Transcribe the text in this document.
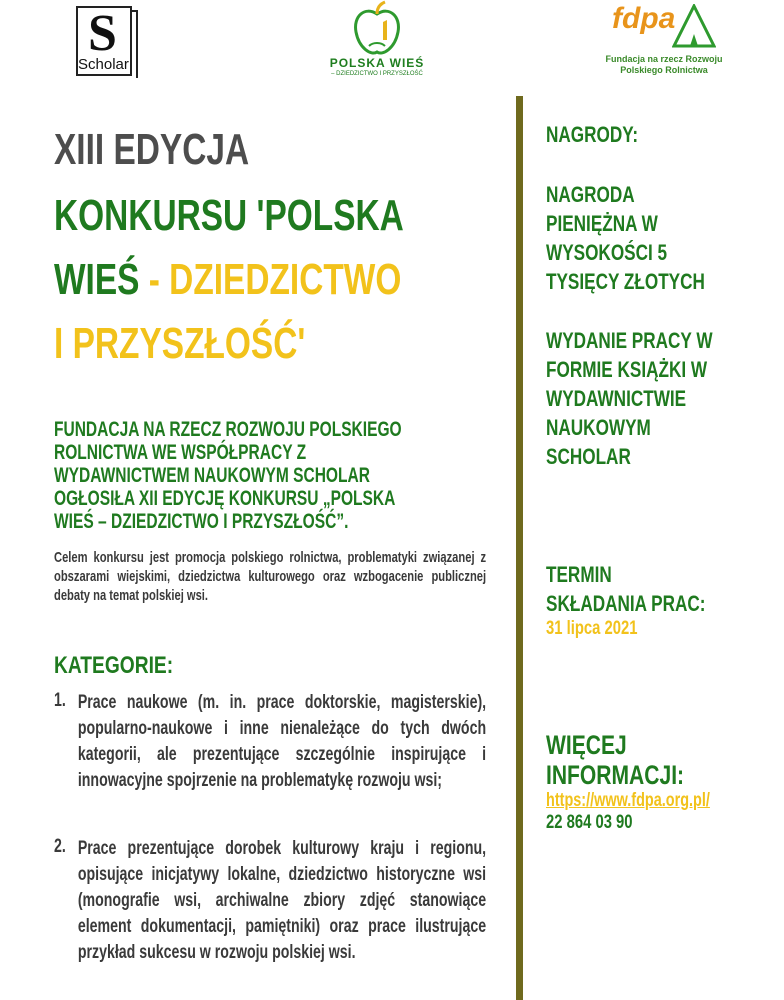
S
Scholar	POLSKA WIEŚ
– DZIEDZICTWO I PRZYSZŁOŚĆ
fdpa
Fundacja na rzecz Rozwoju
Polskiego Rolnictwa
XIII EDYCJA
KONKURSU 'POLSKA
WIEŚ - DZIEDZICTWO
I PRZYSZŁOŚĆ'
FUNDACJA NA RZECZ ROZWOJU POLSKIEGO
ROLNICTWA WE WSPÓŁPRACY Z
WYDAWNICTWEM NAUKOWYM SCHOLAR
OGŁOSIŁA XII EDYCJĘ KONKURSU „POLSKA
WIEŚ – DZIEDZICTWO I PRZYSZŁOŚĆ”.
Celem konkursu jest promocja polskiego rolnictwa, problematyki związanej z obszarami wiejskimi, dziedzictwa kulturowego oraz wzbogacenie publicznej debaty na temat polskiej wsi.
KATEGORIE:
1. Prace naukowe (m. in. prace doktorskie, magisterskie), popularno-naukowe i inne nienależące do tych dwóch kategorii, ale prezentujące szczególnie inspirujące i innowacyjne spojrzenie na problematykę rozwoju wsi;
2. Prace prezentujące dorobek kulturowy kraju i regionu, opisujące inicjatywy lokalne, dziedzictwo historyczne wsi (monografie wsi, archiwalne zbiory zdjęć stanowiące element dokumentacji, pamiętniki) oraz prace ilustrujące przykład sukcesu w rozwoju polskiej wsi.
NAGRODY:
NAGRODA
PIENIĘŻNA W
WYSOKOŚCI 5
TYSIĘCY ZŁOTYCH
WYDANIE PRACY W
FORMIE KSIĄŻKI W
WYDAWNICTWIE
NAUKOWYM
SCHOLAR
TERMIN
SKŁADANIA PRAC:
31 lipca 2021
WIĘCEJ
INFORMACJI:
https://www.fdpa.org.pl/
22 864 03 90
